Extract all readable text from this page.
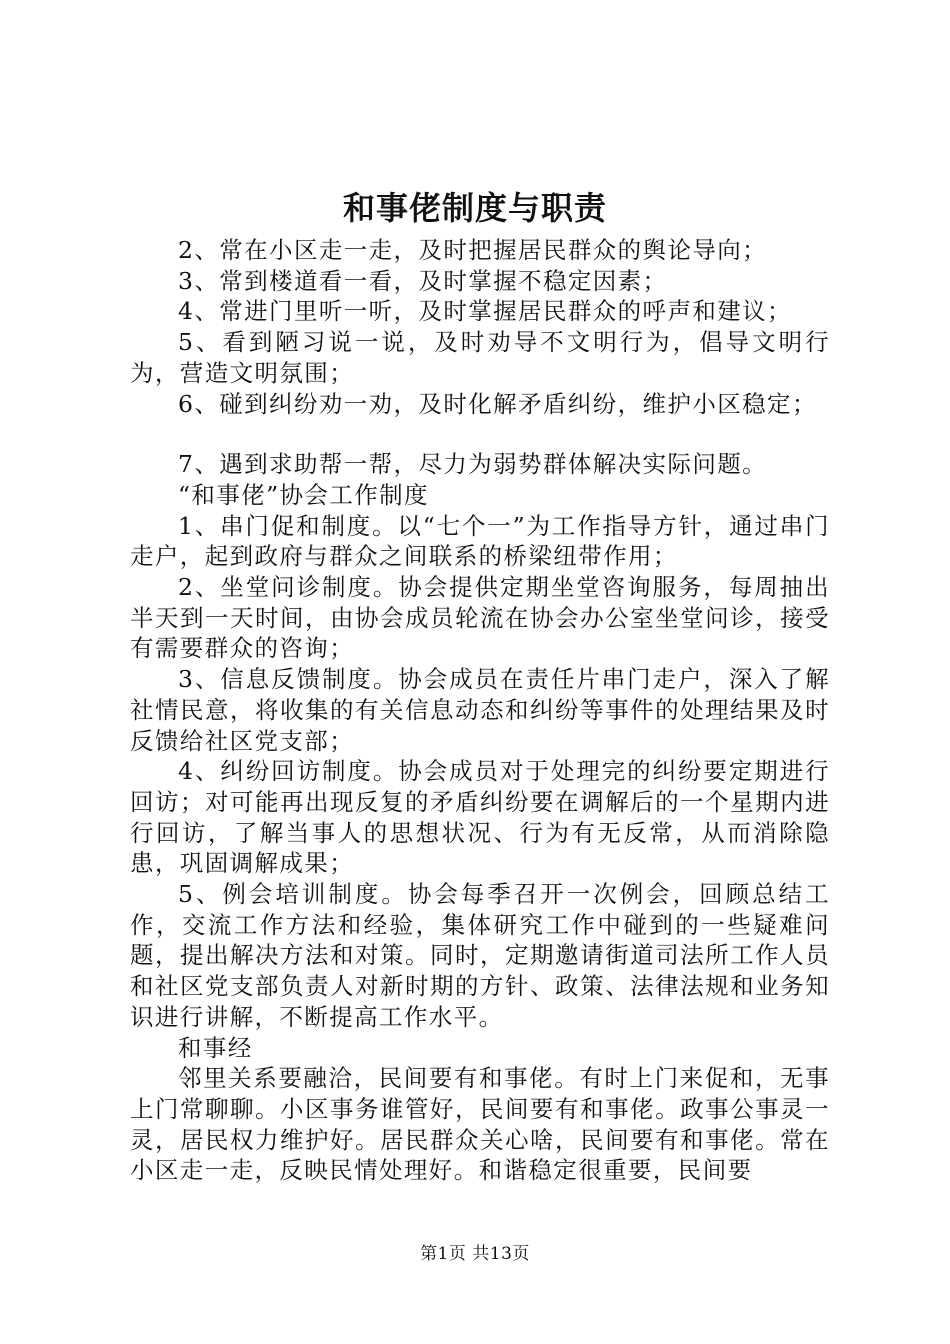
和事佬制度与职责

2、常在小区走一走，及时把握居民群众的舆论导向；

3、常到楼道看一看，及时掌握不稳定因素；

4、常进门里听一听，及时掌握居民群众的呼声和建议；

5、看到陋习说一说，及时劝导不文明行为，倡导文明行为，营造文明氛围；

6、碰到纠纷劝一劝，及时化解矛盾纠纷，维护小区稳定；

7、遇到求助帮一帮，尽力为弱势群体解决实际问题。

“和事佬”协会工作制度

1、串门促和制度。以“七个一”为工作指导方针，通过串门走户，起到政府与群众之间联系的桥梁纽带作用；

2、坐堂问诊制度。协会提供定期坐堂咨询服务，每周抽出半天到一天时间，由协会成员轮流在协会办公室坐堂问诊，接受有需要群众的咨询；

3、信息反馈制度。协会成员在责任片串门走户，深入了解社情民意，将收集的有关信息动态和纠纷等事件的处理结果及时反馈给社区党支部；

4、纠纷回访制度。协会成员对于处理完的纠纷要定期进行回访；对可能再出现反复的矛盾纠纷要在调解后的一个星期内进行回访，了解当事人的思想状况、行为有无反常，从而消除隐患，巩固调解成果；

5、例会培训制度。协会每季召开一次例会，回顾总结工作，交流工作方法和经验，集体研究工作中碰到的一些疑难问题，提出解决方法和对策。同时，定期邀请街道司法所工作人员和社区党支部负责人对新时期的方针、政策、法律法规和业务知识进行讲解，不断提高工作水平。

和事经

邻里关系要融洽，民间要有和事佬。有时上门来促和，无事上门常聊聊。小区事务谁管好，民间要有和事佬。政事公事灵一灵，居民权力维护好。居民群众关心啥，民间要有和事佬。常在小区走一走，反映民情处理好。和谐稳定很重要，民间要

第1页 共13页
